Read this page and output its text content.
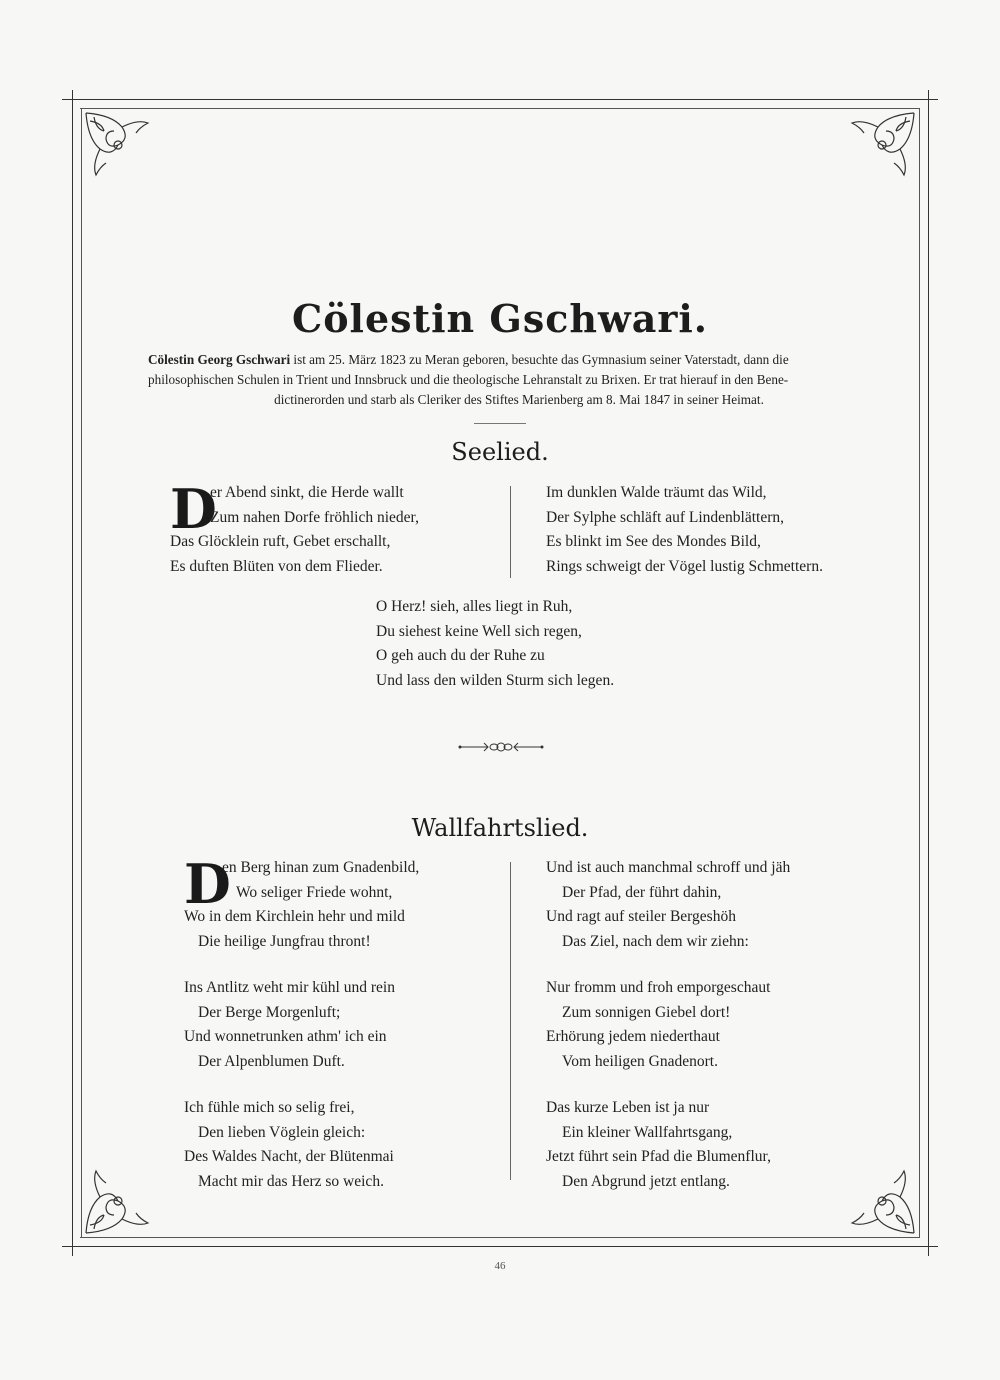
Cölestin Gschwari.
Cölestin Georg Gschwari ist am 25. März 1823 zu Meran geboren, besuchte das Gymnasium seiner Vaterstadt, dann die
philosophischen Schulen in Trient und Innsbruck und die theologische Lehranstalt zu Brixen. Er trat hierauf in den Bene-
dictinerorden und starb als Cleriker des Stiftes Marienberg am 8. Mai 1847 in seiner Heimat.
Seelied.
D
er Abend sinkt, die Herde wallt
Zum nahen Dorfe fröhlich nieder,
Das Glöcklein ruft, Gebet erschallt,
Es duften Blüten von dem Flieder.
Im dunklen Walde träumt das Wild,
Der Sylphe schläft auf Lindenblättern,
Es blinkt im See des Mondes Bild,
Rings schweigt der Vögel lustig Schmettern.
O Herz! sieh, alles liegt in Ruh,
Du siehest keine Well sich regen,
O geh auch du der Ruhe zu
Und lass den wilden Sturm sich legen.
Wallfahrtslied.
D
en Berg hinan zum Gnadenbild,
Wo seliger Friede wohnt,
Wo in dem Kirchlein hehr und mild
Die heilige Jungfrau thront!
Ins Antlitz weht mir kühl und rein
Der Berge Morgenluft;
Und wonnetrunken athm' ich ein
Der Alpenblumen Duft.
Ich fühle mich so selig frei,
Den lieben Vöglein gleich:
Des Waldes Nacht, der Blütenmai
Macht mir das Herz so weich.
Und ist auch manchmal schroff und jäh
Der Pfad, der führt dahin,
Und ragt auf steiler Bergeshöh
Das Ziel, nach dem wir ziehn:
Nur fromm und froh emporgeschaut
Zum sonnigen Giebel dort!
Erhörung jedem niederthaut
Vom heiligen Gnadenort.
Das kurze Leben ist ja nur
Ein kleiner Wallfahrtsgang,
Jetzt führt sein Pfad die Blumenflur,
Den Abgrund jetzt entlang.
46
